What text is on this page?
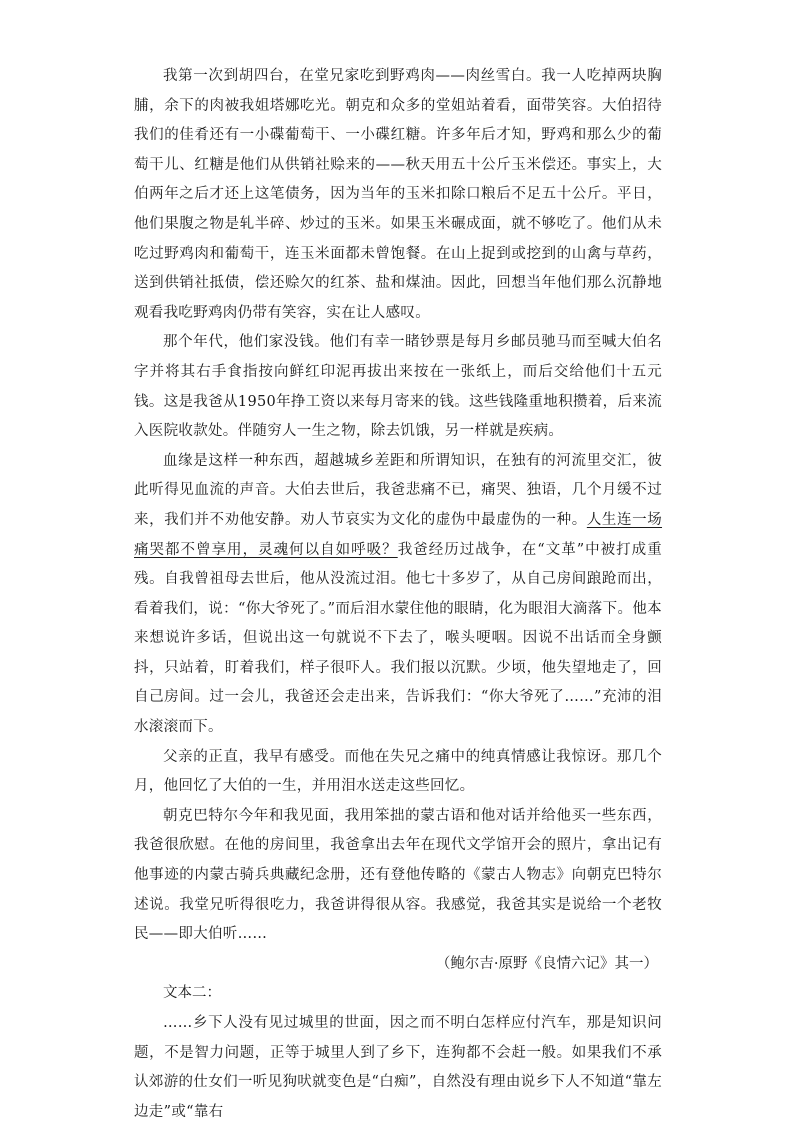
我第一次到胡四台，在堂兄家吃到野鸡肉——肉丝雪白。我一人吃掉两块胸脯，余下的肉被我姐塔娜吃光。朝克和众多的堂姐站着看，面带笑容。大伯招待我们的佳肴还有一小碟葡萄干、一小碟红糖。许多年后才知，野鸡和那么少的葡萄干儿、红糖是他们从供销社赊来的——秋天用五十公斤玉米偿还。事实上，大伯两年之后才还上这笔债务，因为当年的玉米扣除口粮后不足五十公斤。平日，他们果腹之物是轧半碎、炒过的玉米。如果玉米碾成面，就不够吃了。他们从未吃过野鸡肉和葡萄干，连玉米面都未曾饱餐。在山上捉到或挖到的山禽与草药，送到供销社抵债，偿还赊欠的红茶、盐和煤油。因此，回想当年他们那么沉静地观看我吃野鸡肉仍带有笑容，实在让人感叹。

那个年代，他们家没钱。他们有幸一睹钞票是每月乡邮员驰马而至喊大伯名字并将其右手食指按向鲜红印泥再拔出来按在一张纸上，而后交给他们十五元钱。这是我爸从1950年挣工资以来每月寄来的钱。这些钱隆重地积攒着，后来流入医院收款处。伴随穷人一生之物，除去饥饿，另一样就是疾病。

血缘是这样一种东西，超越城乡差距和所谓知识，在独有的河流里交汇，彼此听得见血流的声音。大伯去世后，我爸悲痛不已，痛哭、独语，几个月缓不过来，我们并不劝他安静。劝人节哀实为文化的虚伪中最虚伪的一种。人生连一场痛哭都不曾享用，灵魂何以自如呼吸？我爸经历过战争，在“文革”中被打成重残。自我曾祖母去世后，他从没流过泪。他七十多岁了，从自己房间踉跄而出，看着我们，说：“你大爷死了。”而后泪水蒙住他的眼睛，化为眼泪大滴落下。他本来想说许多话，但说出这一句就说不下去了，喉头哽咽。因说不出话而全身颤抖，只站着，盯着我们，样子很吓人。我们报以沉默。少顷，他失望地走了，回自己房间。过一会儿，我爸还会走出来，告诉我们：“你大爷死了……”充沛的泪水滚滚而下。

父亲的正直，我早有感受。而他在失兄之痛中的纯真情感让我惊讶。那几个月，他回忆了大伯的一生，并用泪水送走这些回忆。

朝克巴特尔今年和我见面，我用笨拙的蒙古语和他对话并给他买一些东西，我爸很欣慰。在他的房间里，我爸拿出去年在现代文学馆开会的照片，拿出记有他事迹的内蒙古骑兵典藏纪念册，还有登他传略的《蒙古人物志》向朝克巴特尔述说。我堂兄听得很吃力，我爸讲得很从容。我感觉，我爸其实是说给一个老牧民——即大伯听……

（鲍尔吉·原野《良情六记》其一）

文本二：

……乡下人没有见过城里的世面，因之而不明白怎样应付汽车，那是知识问题，不是智力问题，正等于城里人到了乡下，连狗都不会赶一般。如果我们不承认郊游的仕女们一听见狗吠就变色是“白痴”，自然没有理由说乡下人不知道“靠左边走”或“靠右
